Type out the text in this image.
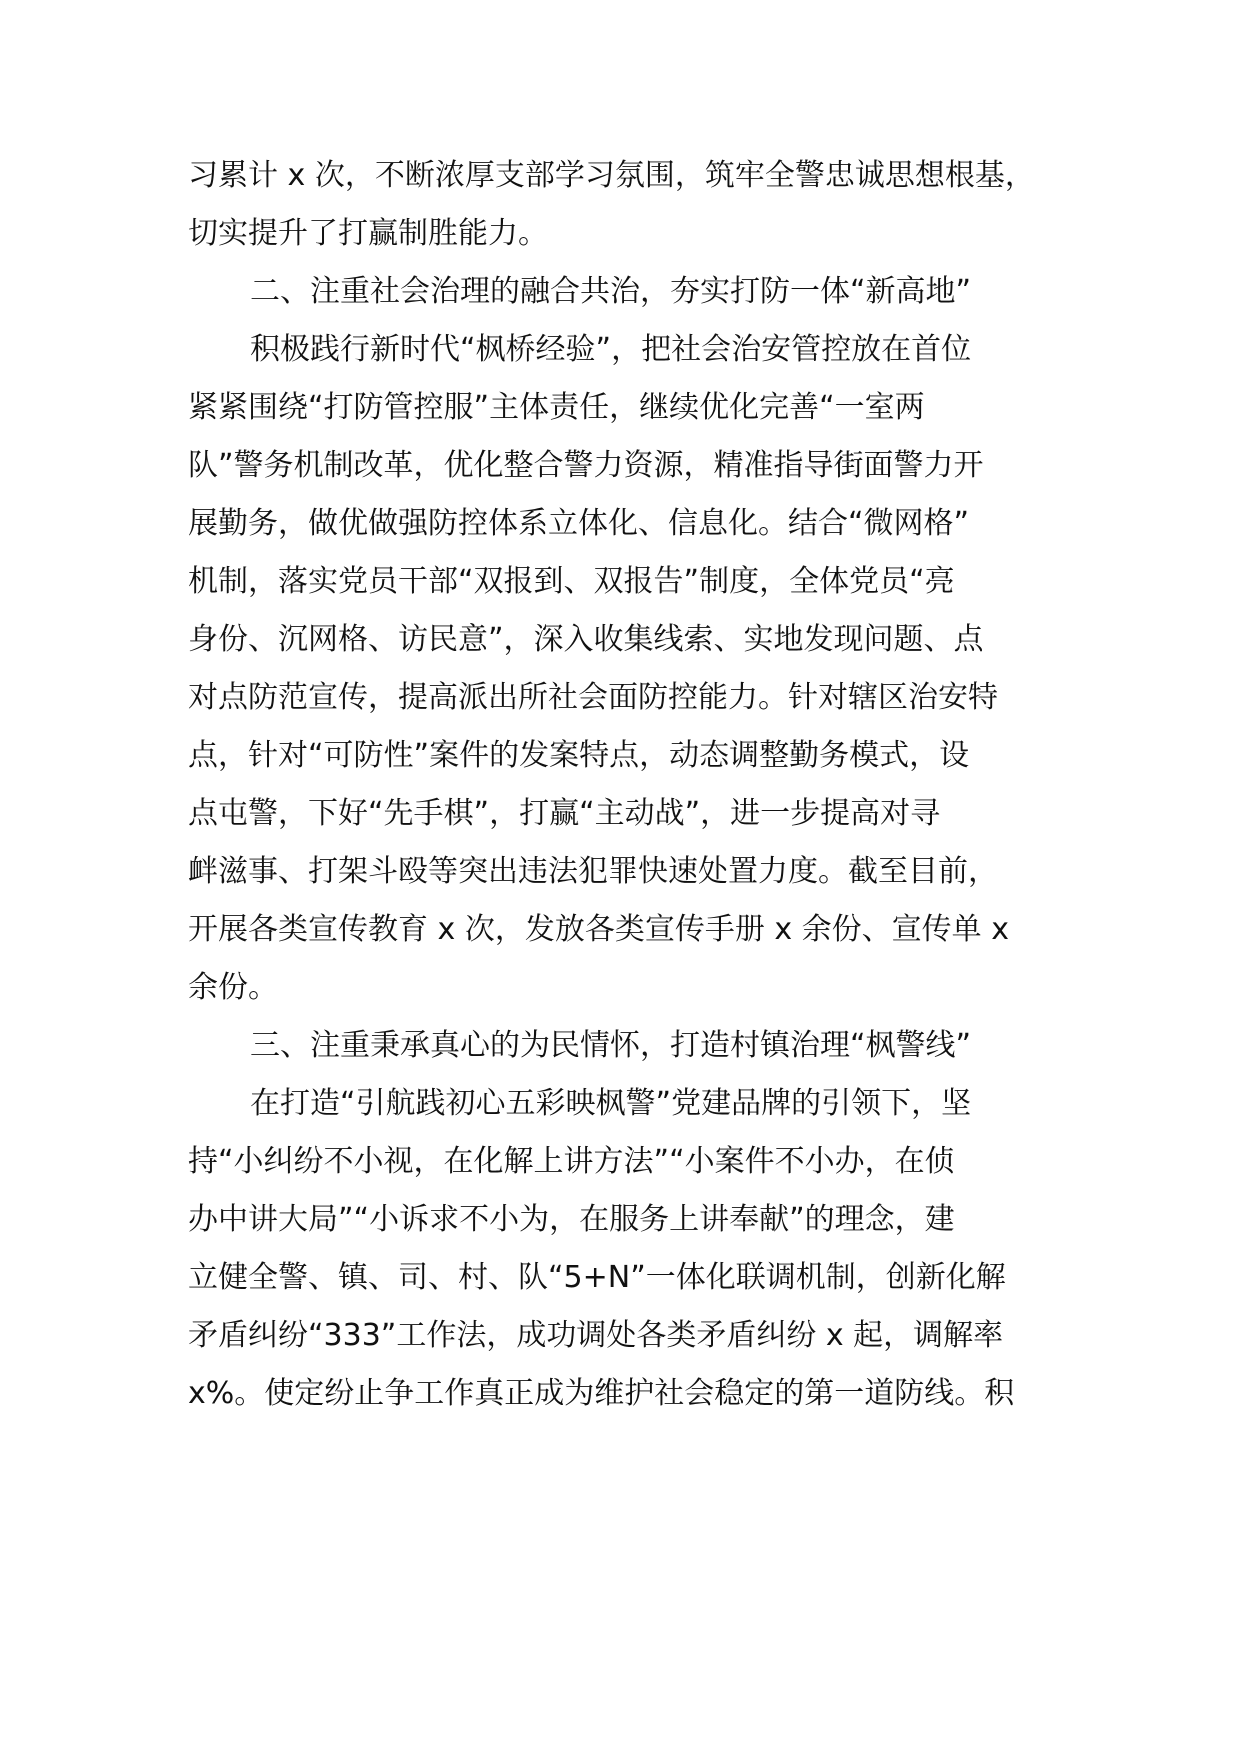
习累计 x 次，不断浓厚支部学习氛围，筑牢全警忠诚思想根基，

切实提升了打赢制胜能力。

二、注重社会治理的融合共治，夯实打防一体“新高地”

积极践行新时代“枫桥经验”，把社会治安管控放在首位

紧紧围绕“打防管控服”主体责任，继续优化完善“一室两

队”警务机制改革，优化整合警力资源，精准指导街面警力开

展勤务，做优做强防控体系立体化、信息化。结合“微网格”

机制，落实党员干部“双报到、双报告”制度，全体党员“亮

身份、沉网格、访民意”，深入收集线索、实地发现问题、点

对点防范宣传，提高派出所社会面防控能力。针对辖区治安特

点，针对“可防性”案件的发案特点，动态调整勤务模式，设

点屯警，下好“先手棋”，打赢“主动战”，进一步提高对寻

衅滋事、打架斗殴等突出违法犯罪快速处置力度。截至目前，

开展各类宣传教育 x 次，发放各类宣传手册 x 余份、宣传单 x

余份。

三、注重秉承真心的为民情怀，打造村镇治理“枫警线”

在打造“引航践初心五彩映枫警”党建品牌的引领下，坚

持“小纠纷不小视，在化解上讲方法”“小案件不小办，在侦

办中讲大局”“小诉求不小为，在服务上讲奉献”的理念，建

立健全警、镇、司、村、队“5+N”一体化联调机制，创新化解

矛盾纠纷“333”工作法，成功调处各类矛盾纠纷 x 起，调解率

x%。使定纷止争工作真正成为维护社会稳定的第一道防线。积
